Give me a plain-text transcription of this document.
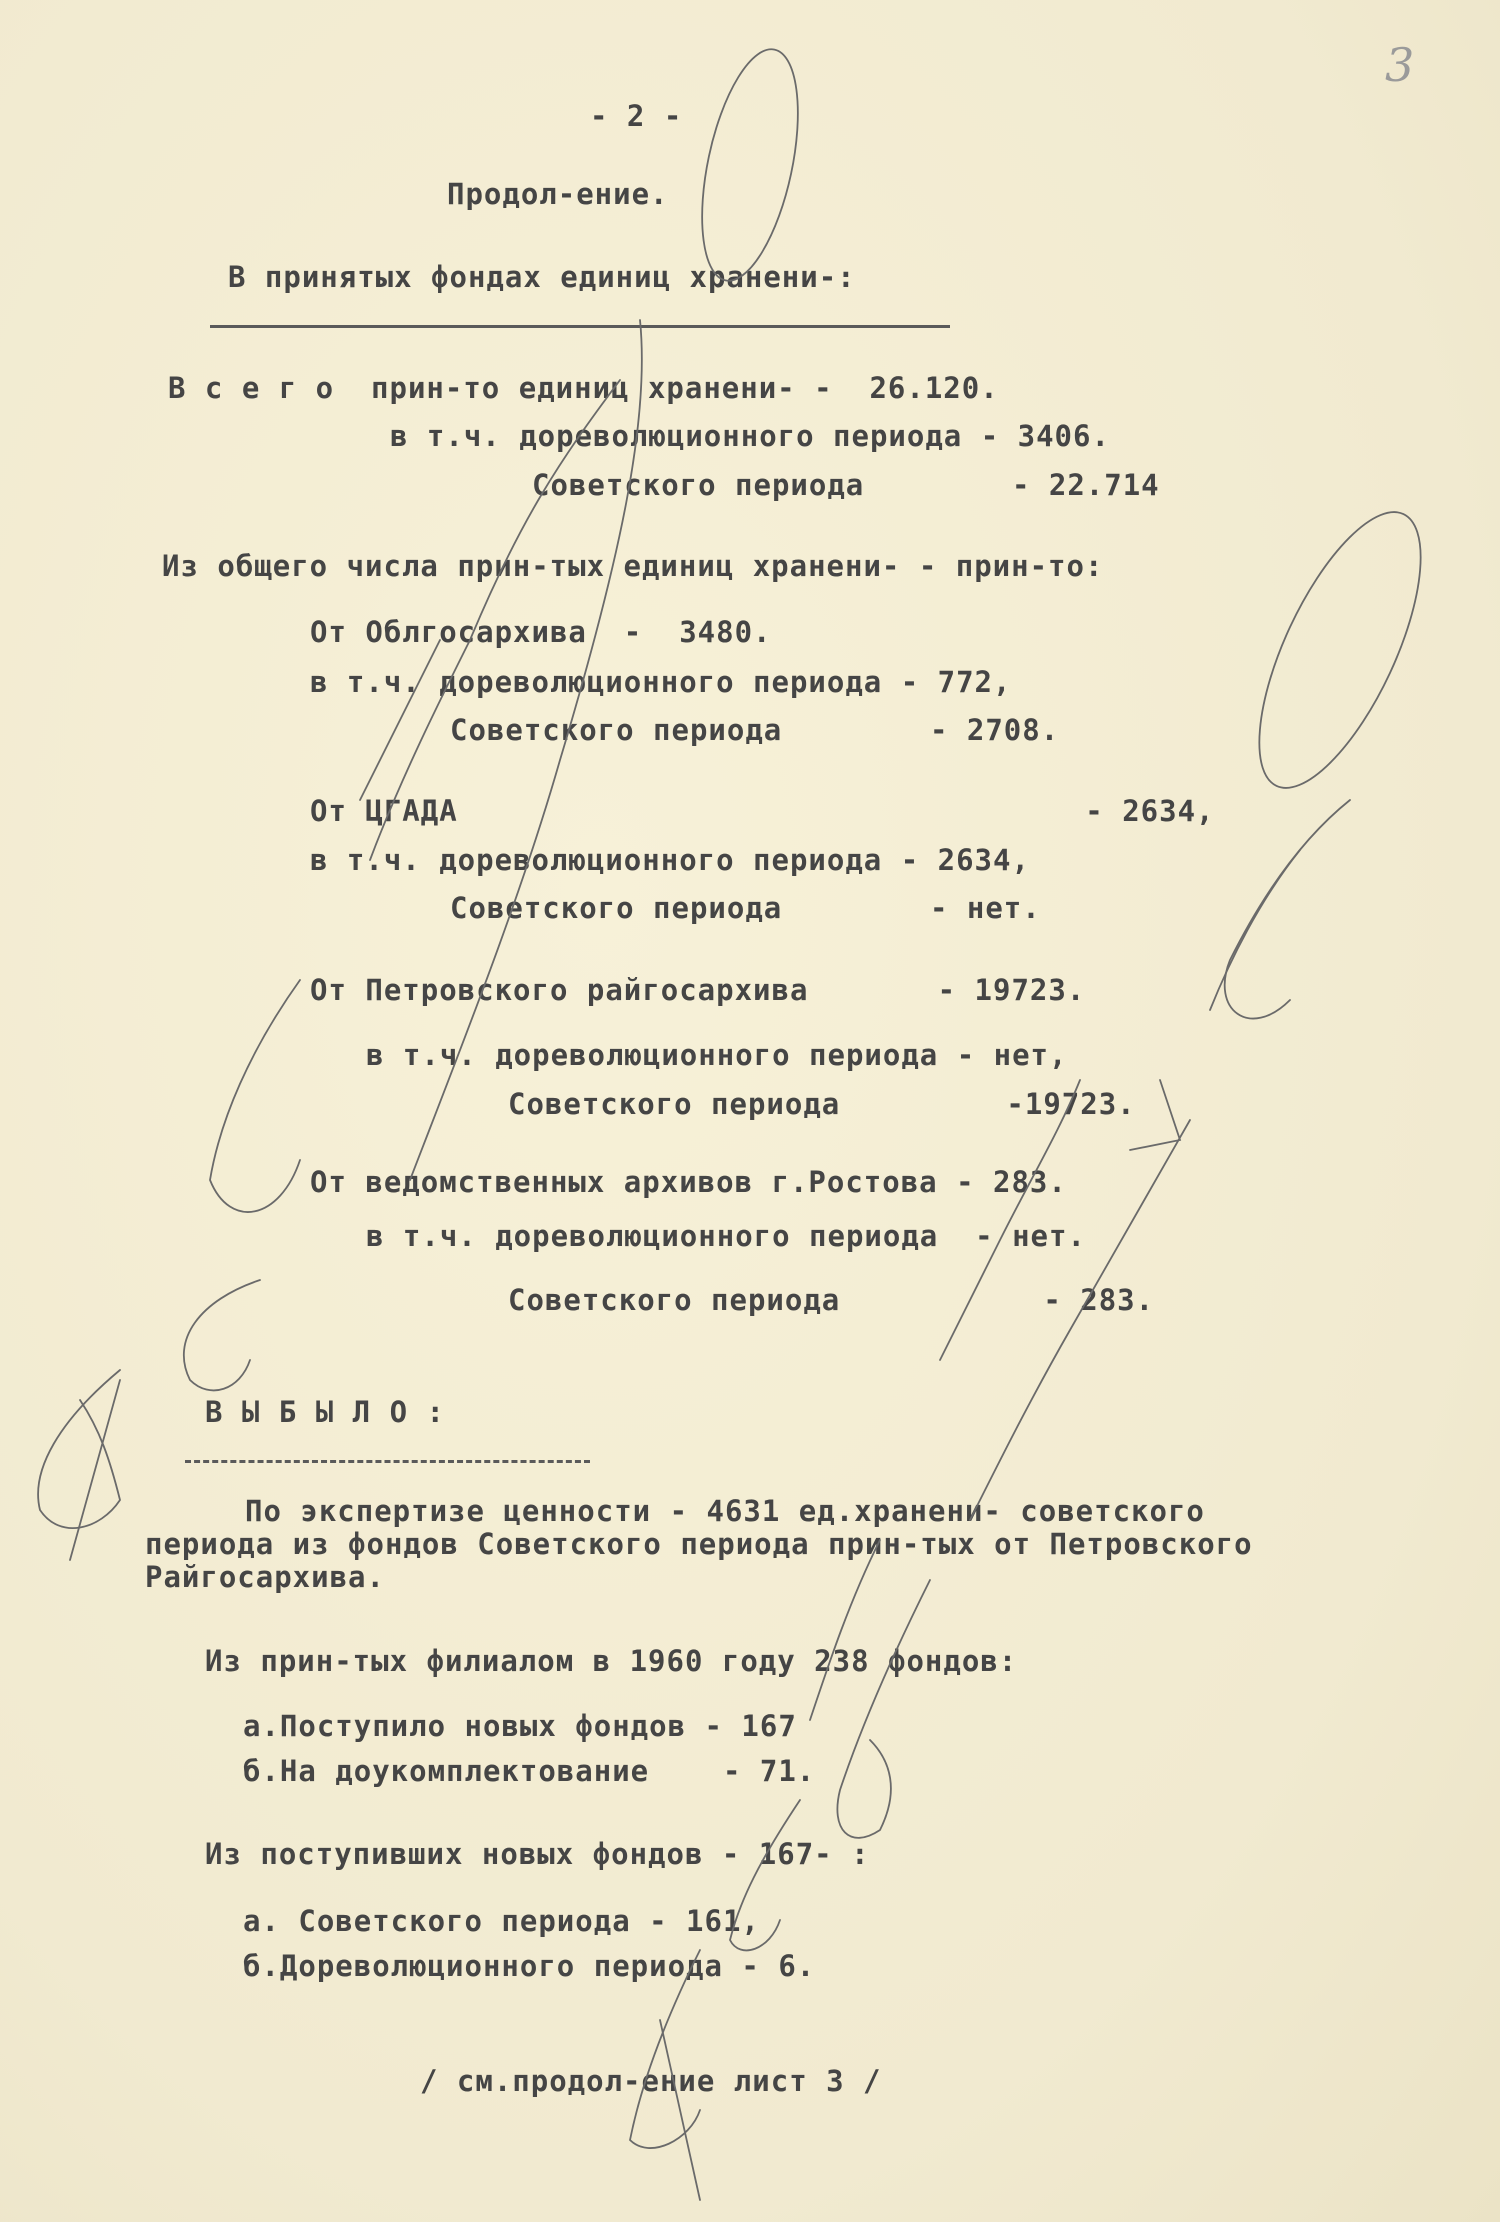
3
- 2 -
Продол-ение.
В принятых фондах единиц хранени-:
В с е г о  прин-то единиц хранени- -  26.120.
в т.ч. дореволюционного периода - 3406.
Советского периода        - 22.714
Из общего числа прин-тых единиц хранени- - прин-то:
От Облгосархива  -  3480.
в т.ч. дореволюционного периода - 772,
Советского периода        - 2708.
От ЦГАДА                                  - 2634,
в т.ч. дореволюционного периода - 2634,
Советского периода        - нет.
От Петровского райгосархива       - 19723.
в т.ч. дореволюционного периода - нет,
Советского периода         -19723.
От ведомственных архивов г.Ростова - 283.
в т.ч. дореволюционного периода  - нет.
Советского периода           - 283.
В Ы Б Ы Л О :
По экспертизе ценности - 4631 ед.хранени- советского
периода из фондов Советского периода прин-тых от Петровского
Райгосархива.
Из прин-тых филиалом в 1960 году 238 фондов:
а.Поступило новых фондов - 167
б.На доукомплектование    - 71.
Из поступивших новых фондов - 167- :
а. Советского периода - 161,
б.Дореволюционного периода - 6.
/ см.продол-ение лист 3 /
